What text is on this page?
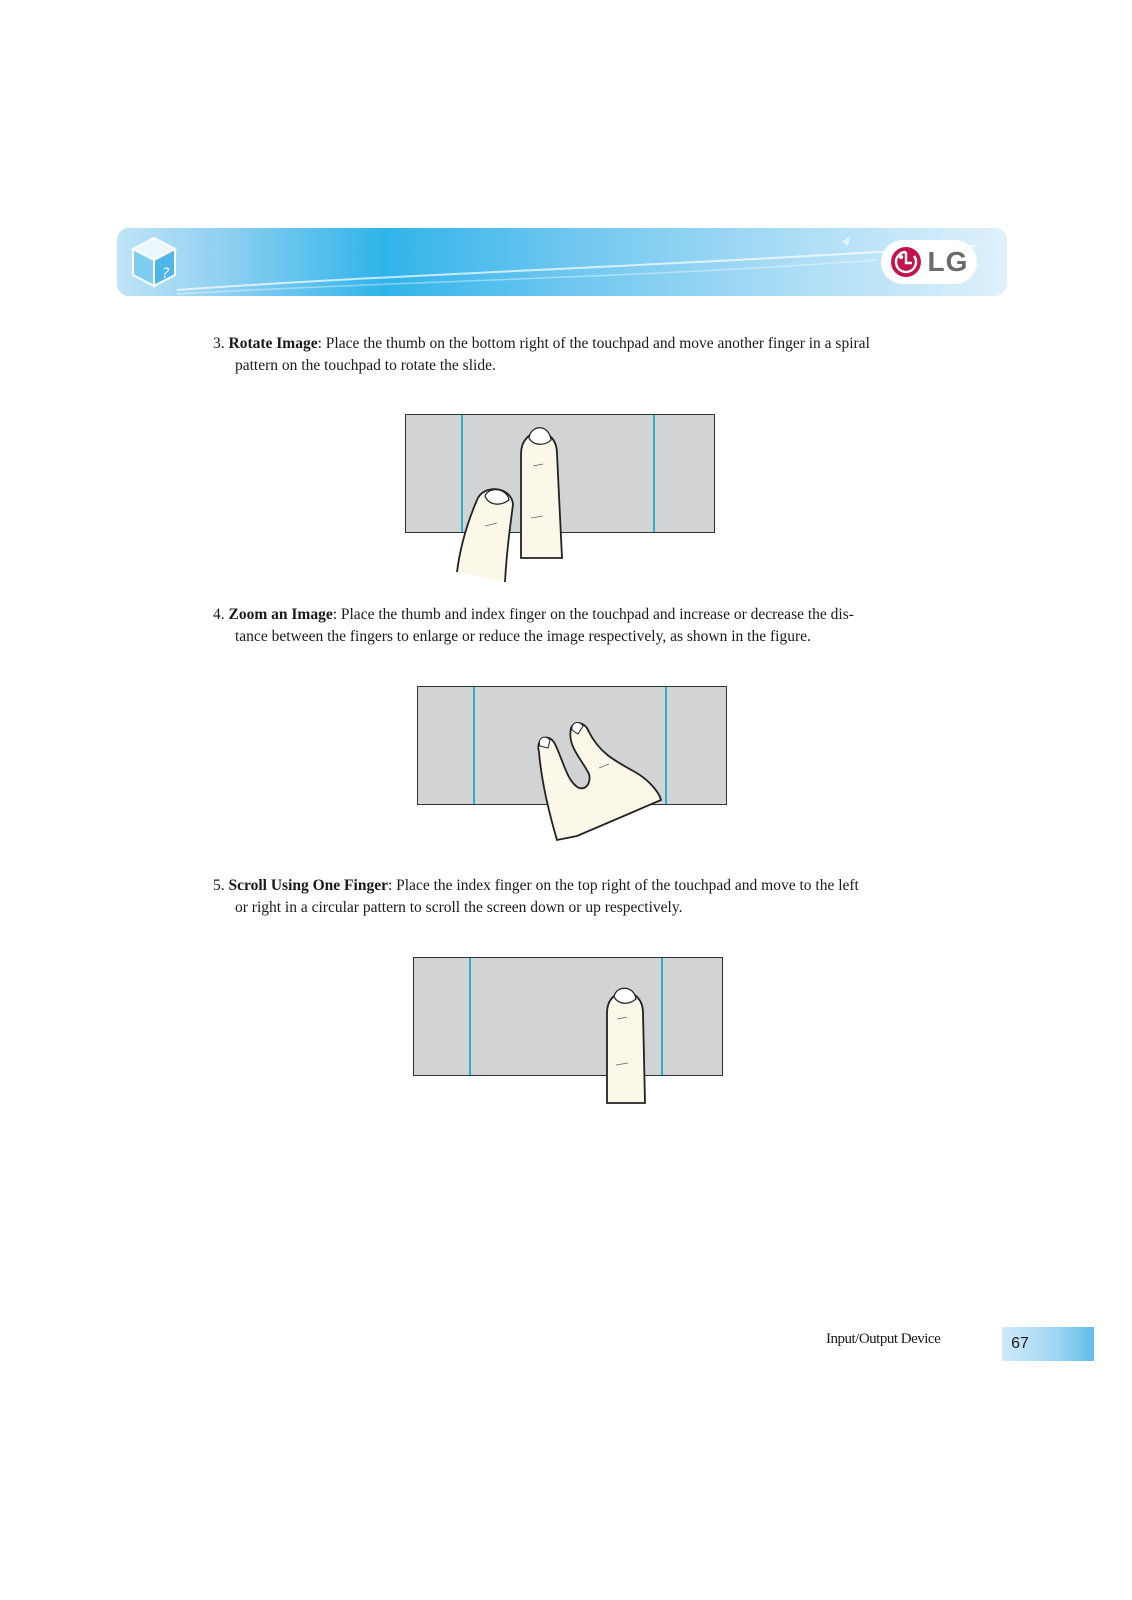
?	LG
3. Rotate Image: Place the thumb on the bottom right of the touchpad and move another finger in a spiral
pattern on the touchpad to rotate the slide.
4. Zoom an Image: Place the thumb and index finger on the touchpad and increase or decrease the dis-
tance between the fingers to enlarge or reduce the image respectively, as shown in the figure.
5. Scroll Using One Finger: Place the index finger on the top right of the touchpad and move to the left
or right in a circular pattern to scroll the screen down or up respectively.
Input/Output Device	67
